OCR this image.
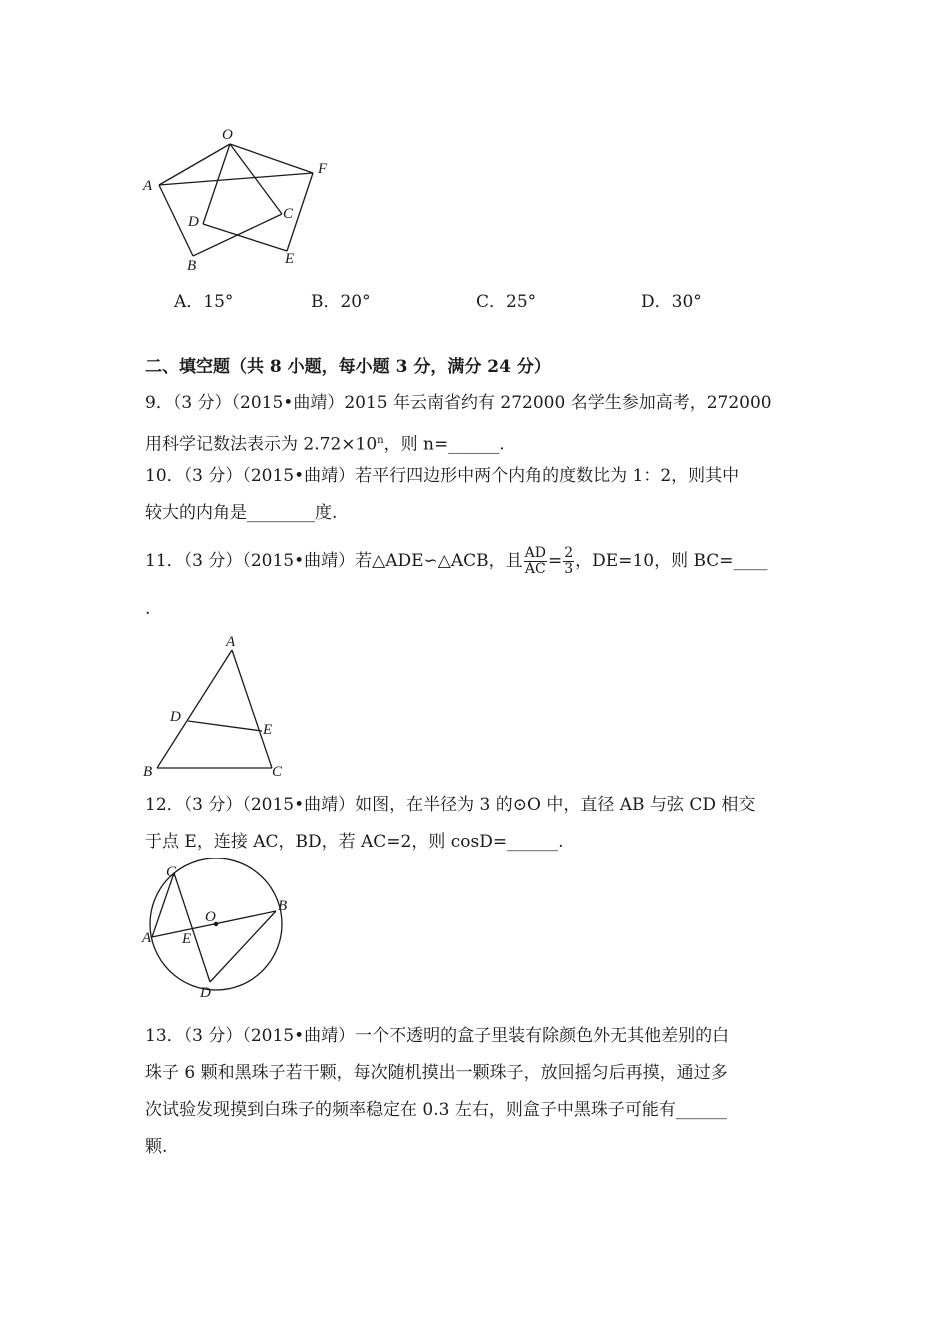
O
F
A
D	C
B	E
A．15°	B．20°	C．25°	D．30°
二、填空题（共 8 小题，每小题 3 分，满分 24 分）
9．（3 分）（2015•曲靖）2015 年云南省约有 272000 名学生参加高考，272000
用科学记数法表示为 $2.72\times 10^n$，则 n=______.
10．（3 分）（2015•曲靖）若平行四边形中两个内角的度数比为 1：2，则其中
较大的内角是________度.
11．（3 分）（2015•曲靖）若△ADE∽△ACB，且 $\frac{AD}{AC} = \frac{2}{3}$ ，DE=10，则 BC=____
.
A
D
E
B	C
12．（3 分）（2015•曲靖）如图，在半径为 3 的⊙O 中，直径 AB 与弦 CD 相交
于点 E，连接 AC，BD，若 AC=2，则 cosD=______.
C
O
B
A E
D
13．（3 分）（2015•曲靖）一个不透明的盒子里装有除颜色外无其他差别的白
珠子 6 颗和黑珠子若干颗，每次随机摸出一颗珠子，放回摇匀后再摸，通过多
次试验发现摸到白珠子的频率稳定在 0.3 左右，则盒子中黑珠子可能有______
颗.
